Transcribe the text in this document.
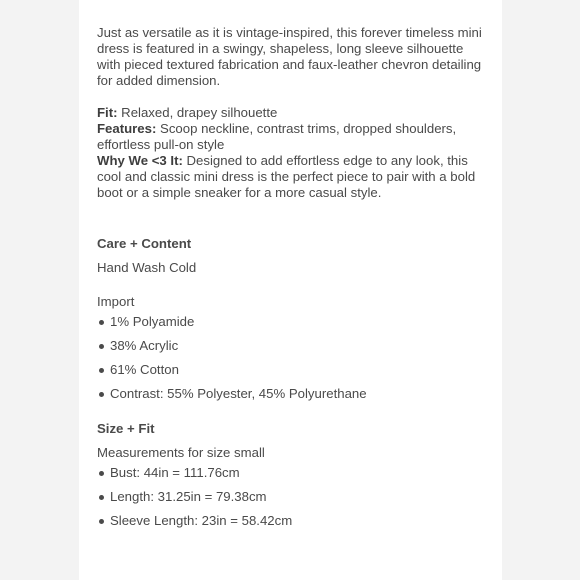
Just as versatile as it is vintage-inspired, this forever timeless mini dress is featured in a swingy, shapeless, long sleeve silhouette with pieced textured fabrication and faux-leather chevron detailing for added dimension.

Fit: Relaxed, drapey silhouette

Features: Scoop neckline, contrast trims, dropped shoulders, effortless pull-on style

Why We <3 It: Designed to add effortless edge to any look, this cool and classic mini dress is the perfect piece to pair with a bold boot or a simple sneaker for a more casual style.

Care + Content

Hand Wash Cold

Import

1% Polyamide
38% Acrylic
61% Cotton
Contrast: 55% Polyester, 45% Polyurethane

Size + Fit

Measurements for size small

Bust: 44in = 111.76cm
Length: 31.25in = 79.38cm
Sleeve Length: 23in = 58.42cm
